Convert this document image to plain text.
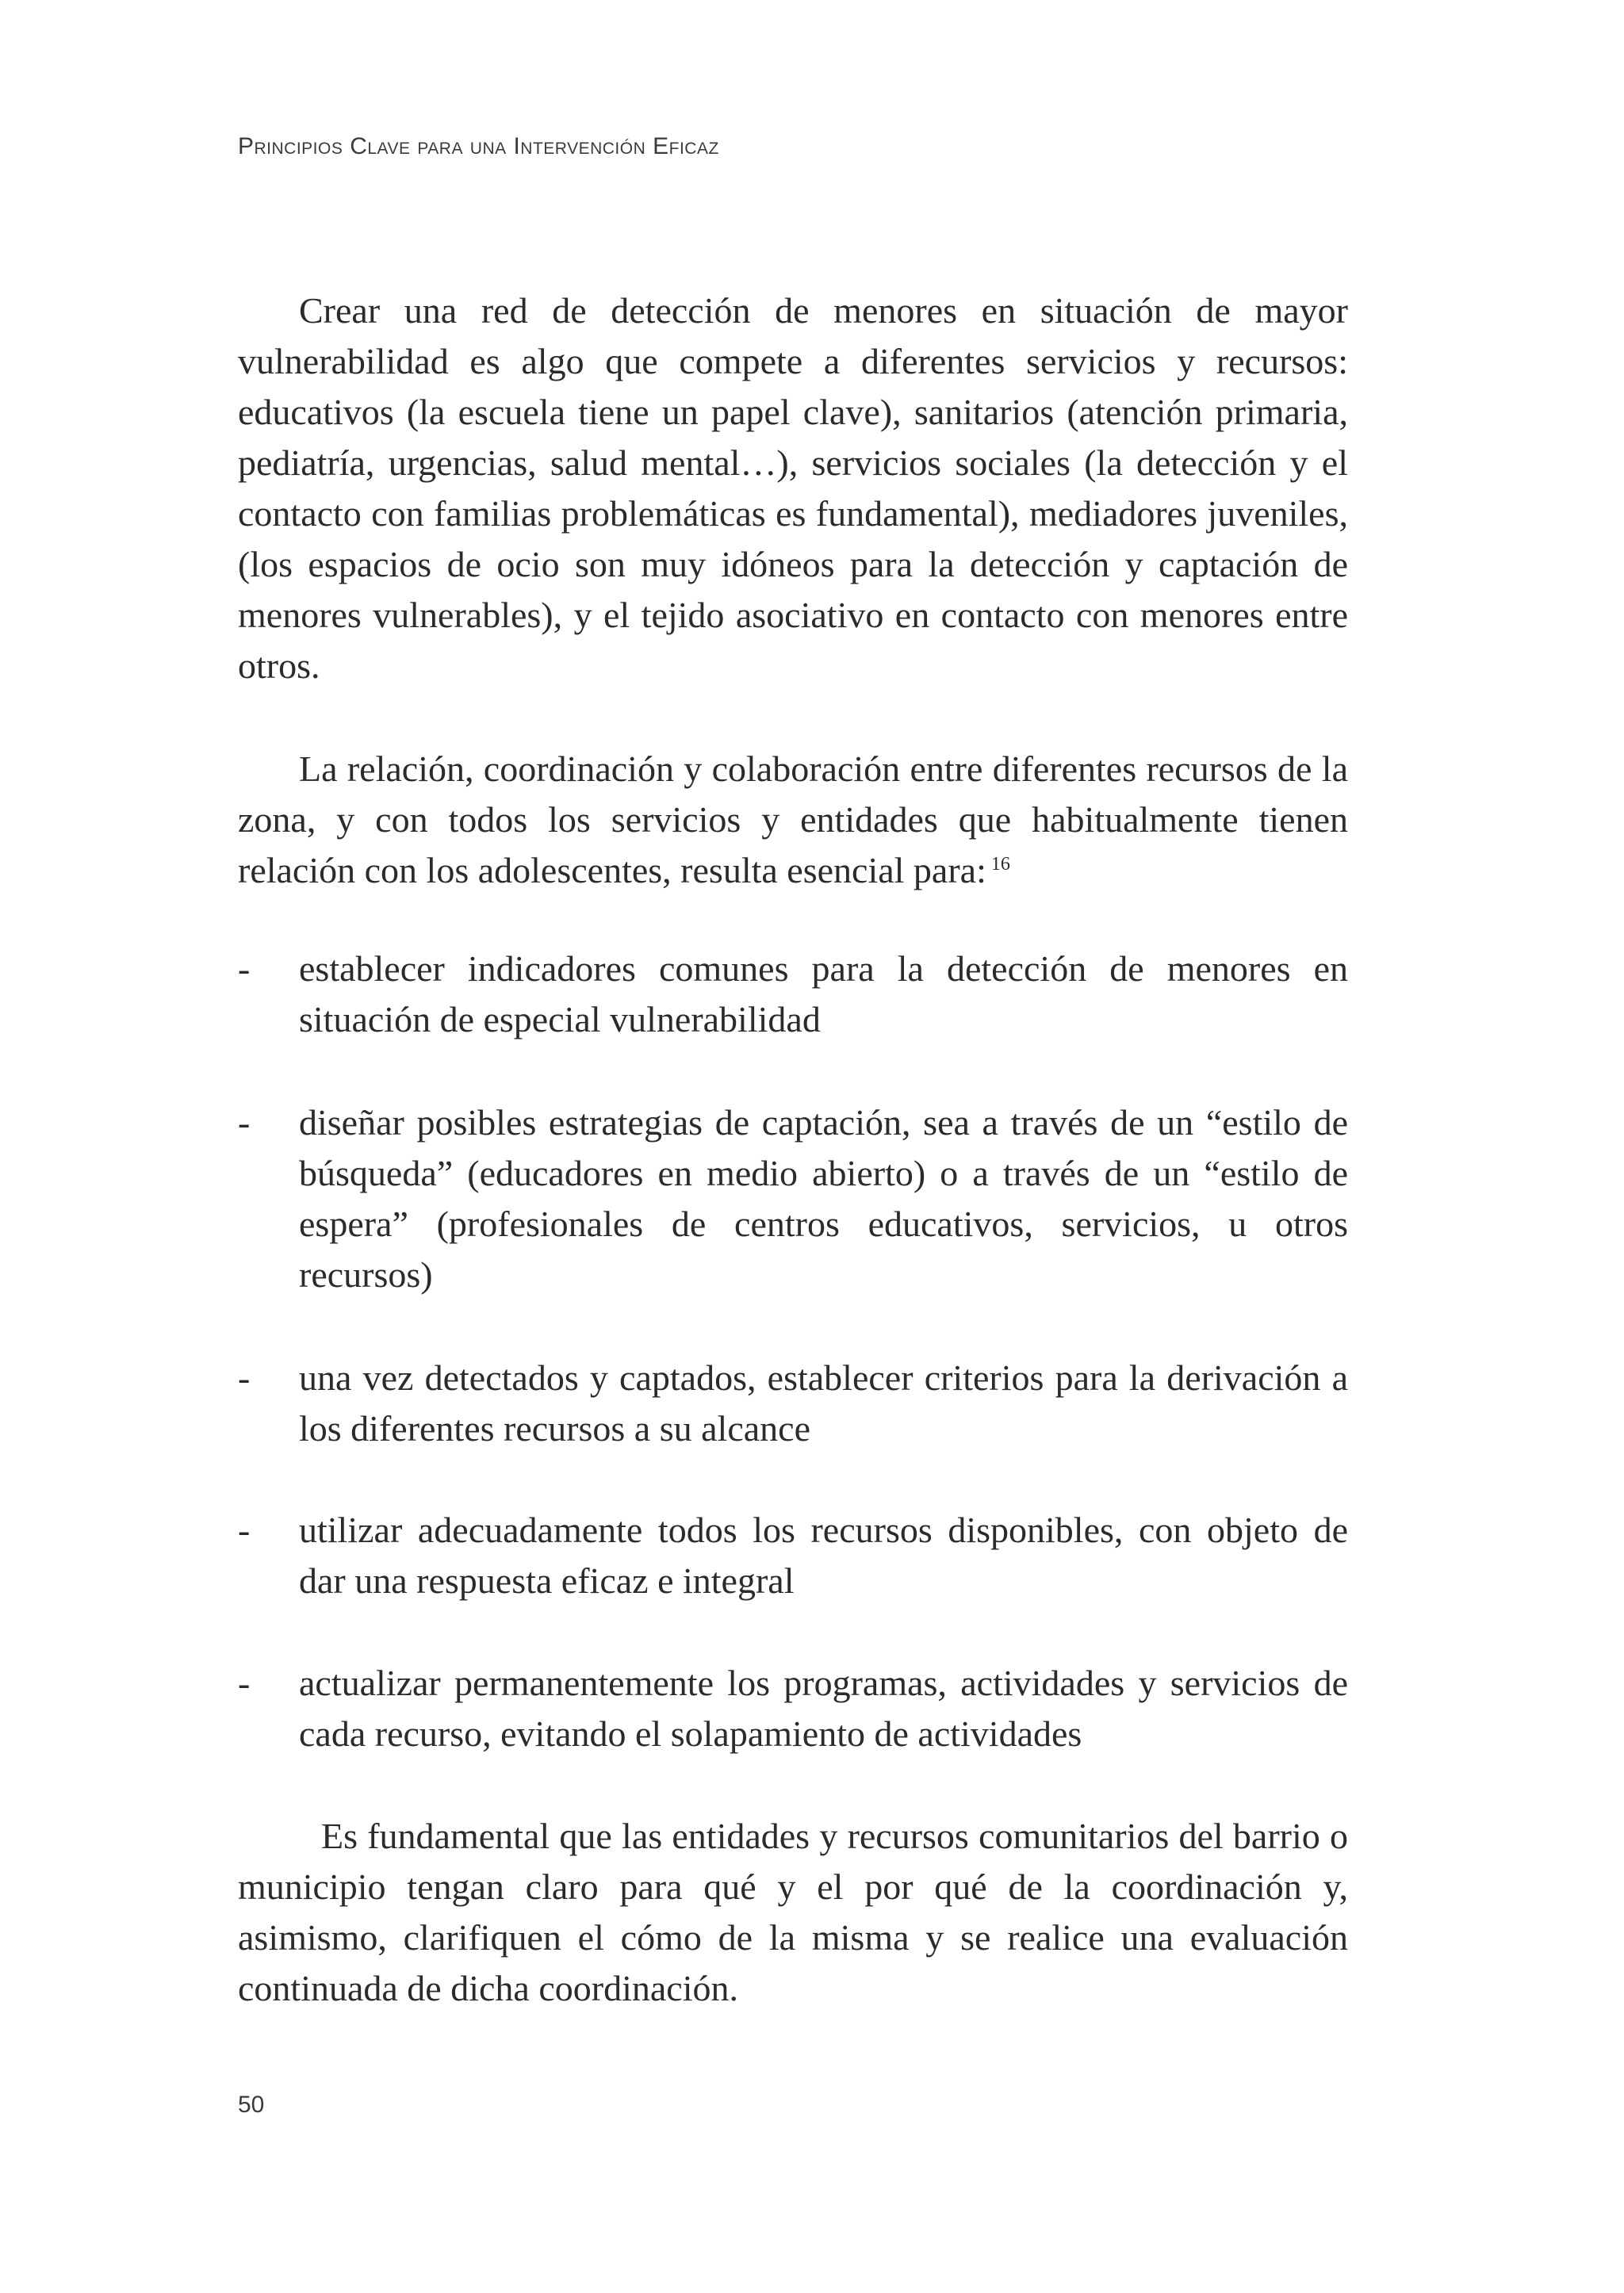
Principios Clave para una Intervención Eficaz

Crear una red de detección de menores en situación de mayor vulnerabilidad es algo que compete a diferentes servicios y recursos: educativos (la escuela tiene un papel clave), sanitarios (atención primaria, pediatría, urgencias, salud mental…), servicios sociales (la detección y el contacto con familias problemáticas es fundamental), mediadores juveniles, (los espacios de ocio son muy idóneos para la detección y captación de menores vulnerables), y el tejido asociativo en contacto con menores entre otros.

La relación, coordinación y colaboración entre diferentes recursos de la zona, y con todos los servicios y entidades que habitualmente tienen relación con los adolescentes, resulta esencial para: $^{16}$

- establecer indicadores comunes para la detección de menores en situación de especial vulnerabilidad
- diseñar posibles estrategias de captación, sea a través de un “estilo de búsqueda” (educadores en medio abierto) o a través de un “estilo de espera” (profesionales de centros educativos, servicios, u otros recursos)
- una vez detectados y captados, establecer criterios para la derivación a los diferentes recursos a su alcance
- utilizar adecuadamente todos los recursos disponibles, con objeto de dar una respuesta eficaz e integral
- actualizar permanentemente los programas, actividades y servicios de cada recurso, evitando el solapamiento de actividades

Es fundamental que las entidades y recursos comunitarios del barrio o municipio tengan claro para qué y el por qué de la coordinación y, asimismo, clarifiquen el cómo de la misma y se realice una evaluación continuada de dicha coordinación.

50
